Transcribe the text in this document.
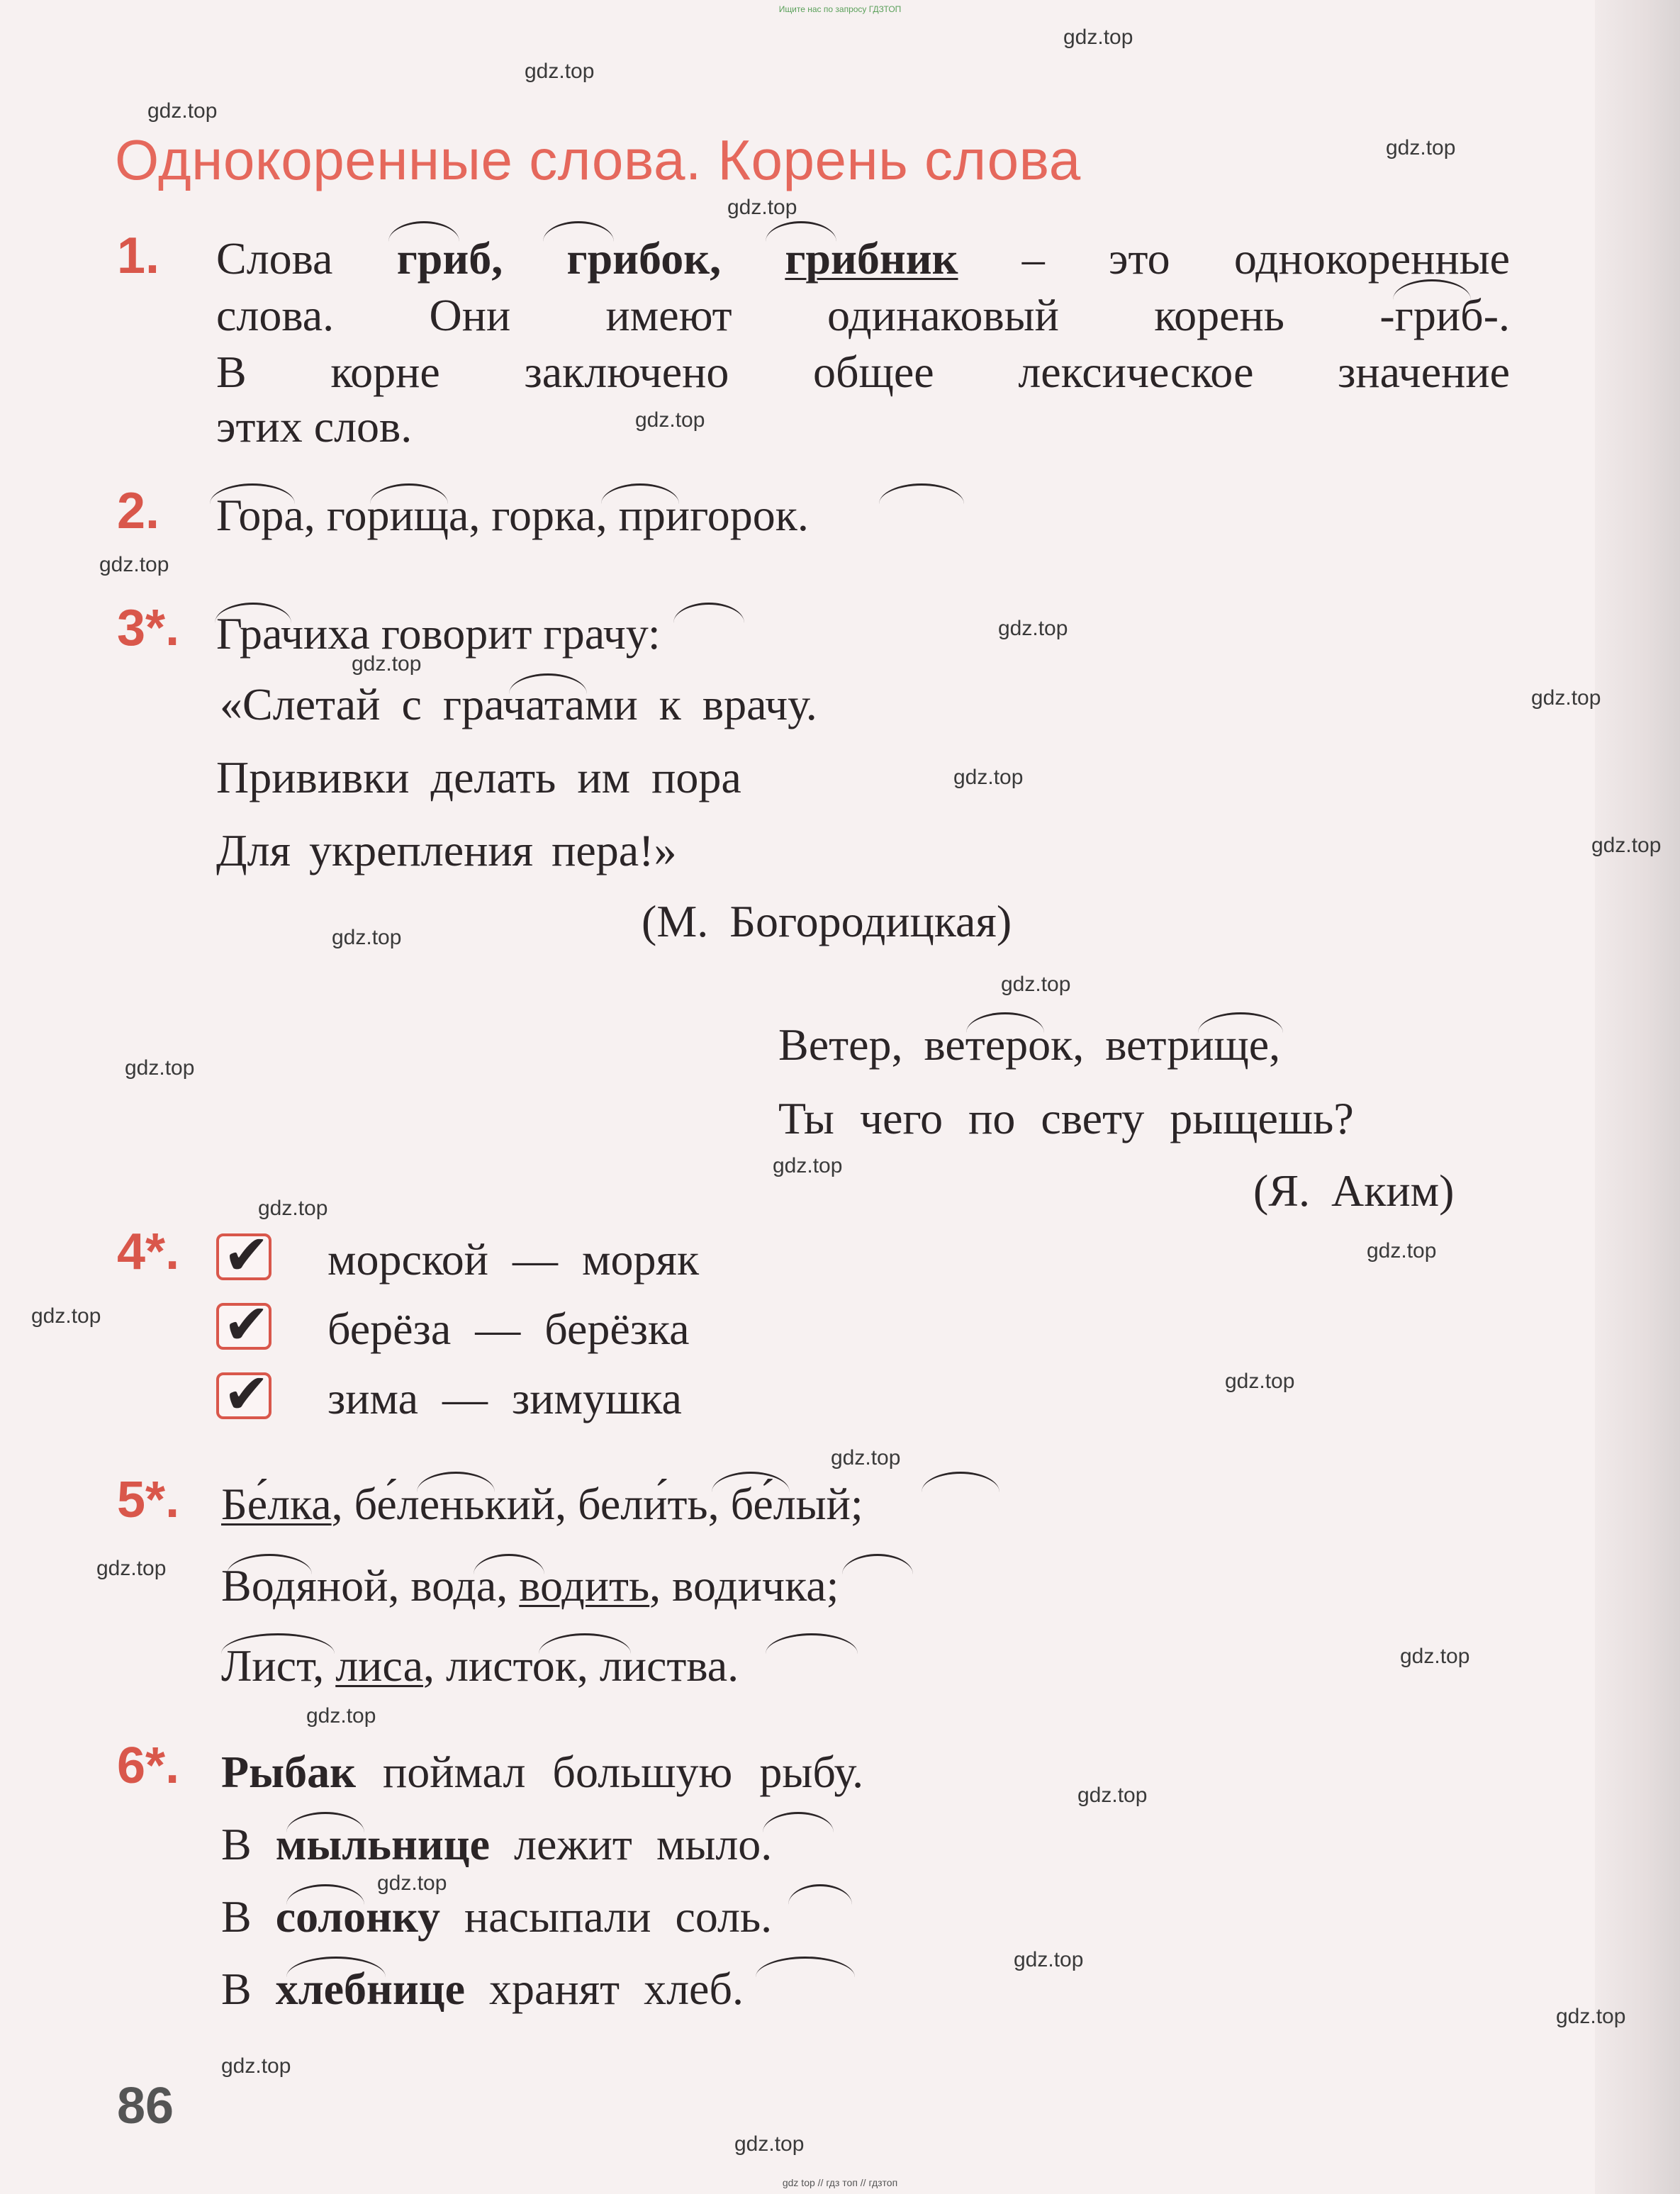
Ищите нас по запросу ГДЗТОП
gdz.top
gdz.top
gdz.top
gdz.top
gdz.top
gdz.top
gdz.top
gdz.top
gdz.top
gdz.top
gdz.top
gdz.top
gdz.top
gdz.top
gdz.top
gdz.top
gdz.top
gdz.top
gdz.top
gdz.top
gdz.top
gdz.top
gdz.top
gdz.top
gdz.top
gdz.top
gdz.top
gdz.top
gdz.top
gdz.top
Однокоренные слова. Корень слова
1. Слова гриб, грибок, грибник – это однокоренные
слова. Они имеют одинаковый корень -гриб-.
В корне заключено общее лексическое значение
этих слов.
2. Гора, горища, горка, пригорок.
3*. Грачиха говорит грачу:
«Слетай с грачатами к врачу.
Прививки делать им пора
Для укрепления пера!»
(М. Богородицкая)
Ветер, ветерок, ветрище,
Ты чего по свету рыщешь?
(Я. Аким)
4*. ✔
✔
✔
морской — моряк
берёза — берёзка
зима — зимушка
5*. Бе́лка, бе́ленький, бели́ть, бе́лый;
Водяной, вода, водить, водичка;
Лист, лиса, листок, листва.
6*. Рыбак поймал большую рыбу.
В мыльнице лежит мыло.
В солонку насыпали соль.
В хлебнице хранят хлеб.
86
gdz top // гдз топ // гдзтоп
